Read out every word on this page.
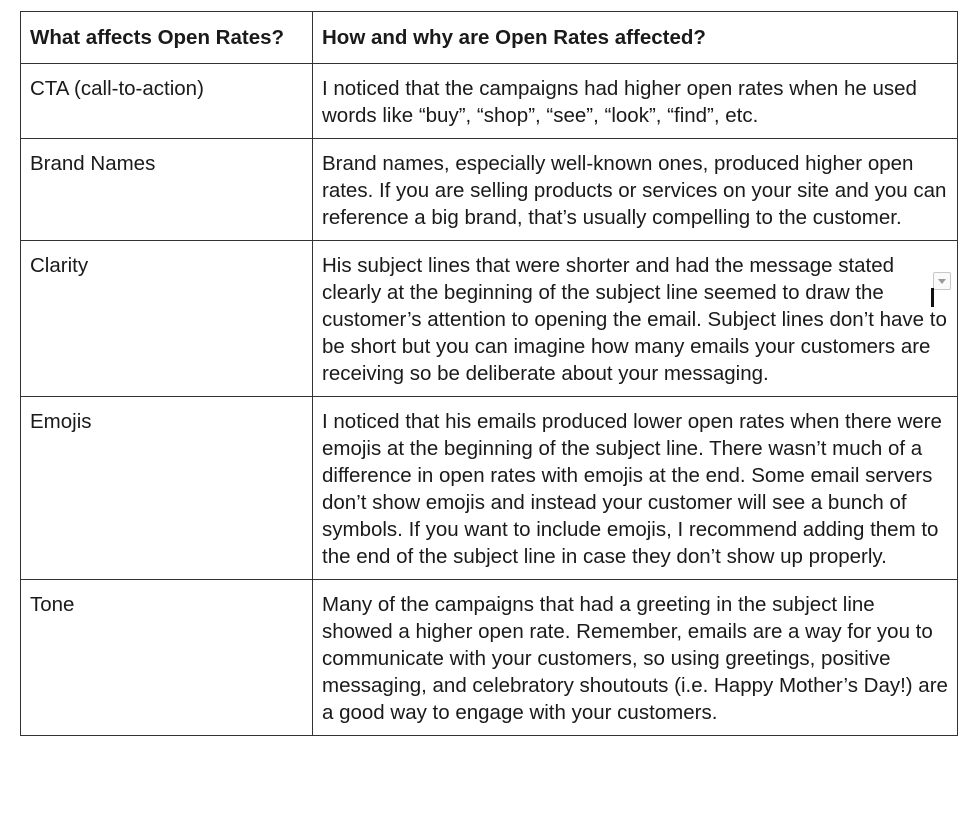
What affects Open Rates?	How and why are Open Rates affected?
CTA (call-to-action)	I noticed that the campaigns had higher open rates when he used words like “buy”, “shop”, “see”, “look”, “find”, etc.
Brand Names	Brand names, especially well-known ones, produced higher open rates. If you are selling products or services on your site and you can reference a big brand, that’s usually compelling to the customer.
Clarity	His subject lines that were shorter and had the message stated clearly at the beginning of the subject line seemed to draw the customer’s attention to opening the email. Subject lines don’t have to be short but you can imagine how many emails your customers are receiving so be deliberate about your messaging.
Emojis	I noticed that his emails produced lower open rates when there were emojis at the beginning of the subject line. There wasn’t much of a difference in open rates with emojis at the end. Some email servers don’t show emojis and instead your customer will see a bunch of symbols. If you want to include emojis, I recommend adding them to the end of the subject line in case they don’t show up properly.
Tone	Many of the campaigns that had a greeting in the subject line showed a higher open rate. Remember, emails are a way for you to communicate with your customers, so using greetings, positive messaging, and celebratory shoutouts (i.e. Happy Mother’s Day!) are a good way to engage with your customers.
